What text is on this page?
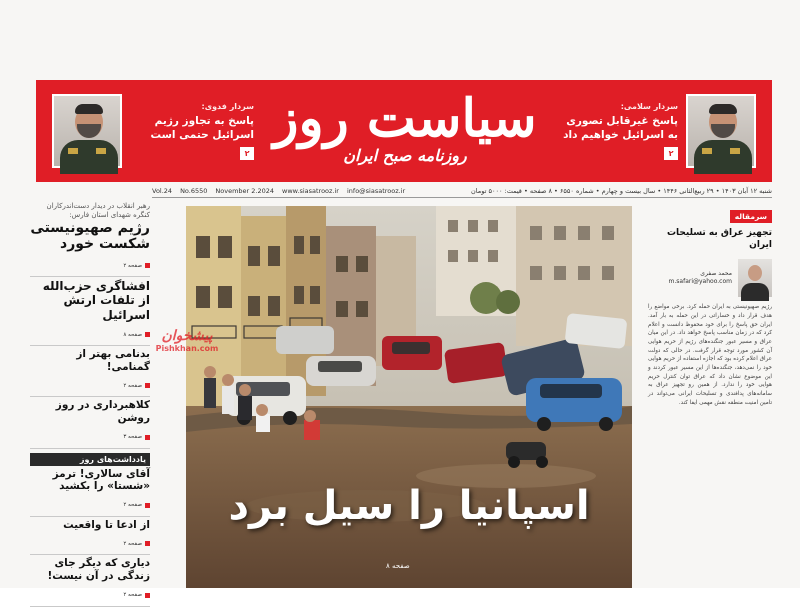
سردار سلامی:
پاسخ غیرقابل تصوری به اسرائیل خواهیم داد
۲
سیاست روز
روزنامه صبح ایران
سردار فدوی:
پاسخ به تجاوز رژیم اسرائیل حتمی است
۲
شنبه ۱۲ آبان ۱۴۰۳ • ۲۹ ربیع‌الثانی ۱۴۴۶ • سال بیست و چهارم • شماره ۶۵۵۰ • ۸ صفحه • قیمت: ۵۰۰۰ تومان
Vol.24 No.6550 November 2.2024 www.siasatrooz.ir info@siasatrooz.ir
رهبر انقلاب در دیدار دست‌اندرکاران کنگره شهدای استان فارس:
رژیم صهیونیستی شکست خورد
صفحه ۲
افشاگری حزب‌الله از تلفات ارتش اسرائیل
صفحه ۸
بدنامی بهتر از گمنامی!
صفحه ۲
کلاهبرداری در روز روشن
صفحه ۳
یادداشت‌های روز
آقای سالاری! ترمز «شستا» را بکشید
صفحه ۲
از ادعا تا واقعیت
صفحه ۲
دیاری که دیگر جای زندگی در آن نیست!
صفحه ۲
اسپانیا را سیل برد
صفحه ۸
پیشخوان
Pishkhan.com
سرمقاله
تجهیز عراق به تسلیحات ایران
محمد صفری
m.safari@yahoo.com
رژیم صهیونیستی به ایران حمله کرد. برخی مواضع را هدف قرار داد و خساراتی در این حمله به بار آمد. ایران حق پاسخ را برای خود محفوظ دانست و اعلام کرد که در زمان مناسب پاسخ خواهد داد. در این میان عراق و مسیر عبور جنگنده‌های رژیم از حریم هوایی آن کشور مورد توجه قرار گرفت. در حالی که دولت عراق اعلام کرده بود که اجازه استفاده از حریم هوایی خود را نمی‌دهد، جنگنده‌ها از این مسیر عبور کردند و این موضوع نشان داد که عراق توان کنترل حریم هوایی خود را ندارد. از همین رو تجهیز عراق به سامانه‌های پدافندی و تسلیحات ایرانی می‌تواند در تامین امنیت منطقه نقش مهمی ایفا کند.
